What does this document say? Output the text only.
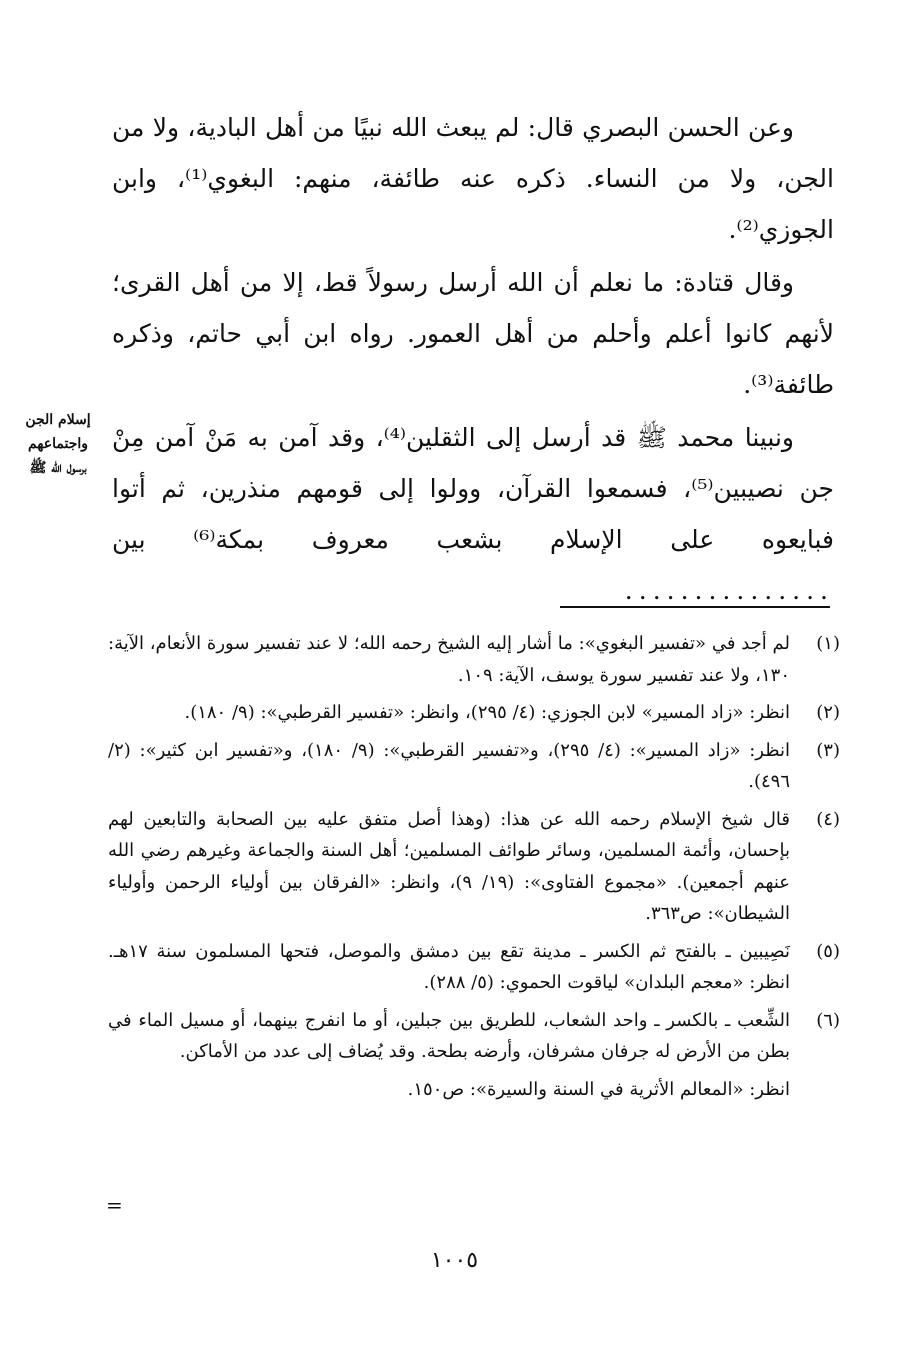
وعن الحسن البصري قال: لم يبعث الله نبيًا من أهل البادية، ولا من الجن، ولا من النساء. ذكره عنه طائفة، منهم: البغوي⁽¹⁾، وابن الجوزي⁽²⁾.

وقال قتادة: ما نعلم أن الله أرسل رسولاً قط، إلا من أهل القرى؛ لأنهم كانوا أعلم وأحلم من أهل العمور. رواه ابن أبي حاتم، وذكره طائفة⁽³⁾.

ونبينا محمد ﷺ قد أرسل إلى الثقلين⁽⁴⁾، وقد آمن به مَنْ آمن مِنْ جن نصيبين⁽⁵⁾، فسمعوا القرآن، وولوا إلى قومهم منذرين، ثم أتوا فبايعوه على الإسلام بشعب معروف بمكة⁽⁶⁾ بين ...............

إسلام الجن
واجتماعهم
برسول الله ﷺ
(١)

لم أجد في «تفسير البغوي»: ما أشار إليه الشيخ رحمه الله؛ لا عند تفسير سورة الأنعام، الآية: ١٣٠، ولا عند تفسير سورة يوسف، الآية: ١٠٩.

(٢)

انظر: «زاد المسير» لابن الجوزي: (٤/ ٢٩٥)، وانظر: «تفسير القرطبي»: (٩/ ١٨٠).

(٣)

انظر: «زاد المسير»: (٤/ ٢٩٥)، و«تفسير القرطبي»: (٩/ ١٨٠)، و«تفسير ابن كثير»: (٢/ ٤٩٦).

(٤)

قال شيخ الإسلام رحمه الله عن هذا: (وهذا أصل متفق عليه بين الصحابة والتابعين لهم بإحسان، وأئمة المسلمين، وسائر طوائف المسلمين؛ أهل السنة والجماعة وغيرهم رضي الله عنهم أجمعين). «مجموع الفتاوى»: (١٩/ ٩)، وانظر: «الفرقان بين أولياء الرحمن وأولياء الشيطان»: ص٣٦٣.

(٥)

نَصِيبين ـ بالفتح ثم الكسر ـ مدينة تقع بين دمشق والموصل، فتحها المسلمون سنة ١٧هـ. انظر: «معجم البلدان» لياقوت الحموي: (٥/ ٢٨٨).

(٦)

الشِّعب ـ بالكسر ـ واحد الشعاب، للطريق بين جبلين، أو ما انفرج بينهما، أو مسيل الماء في بطن من الأرض له جرفان مشرفان، وأرضه بطحة. وقد يُضاف إلى عدد من الأماكن.

انظر: «المعالم الأثرية في السنة والسيرة»: ص١٥٠.

=
١٠٠٥
